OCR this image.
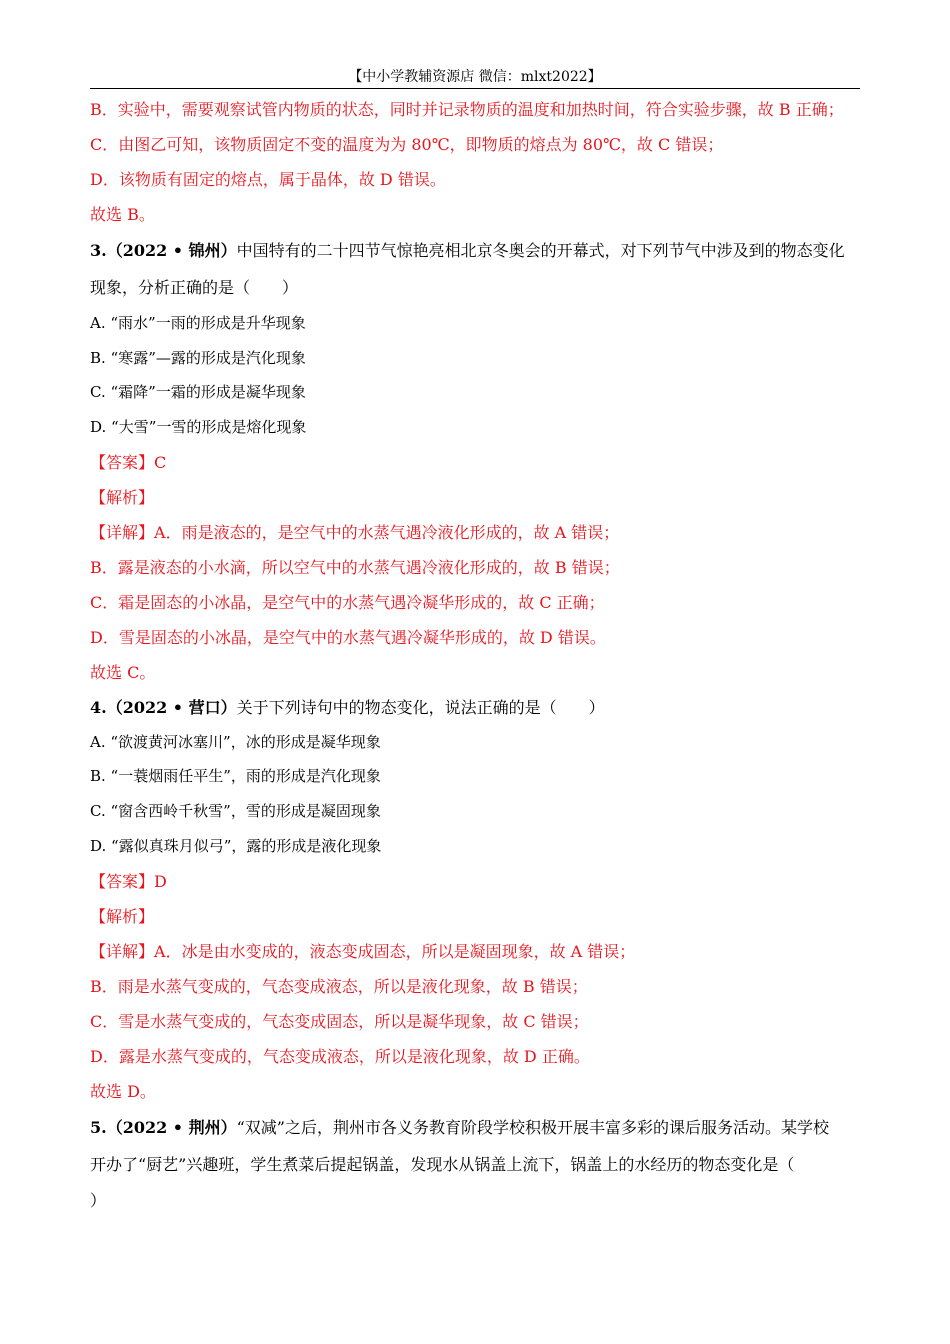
【中小学教辅资源店 微信：mlxt2022】
B．实验中，需要观察试管内物质的状态，同时并记录物质的温度和加热时间，符合实验步骤，故 B 正确；
C．由图乙可知，该物质固定不变的温度为为 80℃，即物质的熔点为 80℃，故 C 错误；
D．该物质有固定的熔点，属于晶体，故 D 错误。
故选 B。
3.（2022 • 锦州）中国特有的二十四节气惊艳亮相北京冬奥会的开幕式，对下列节气中涉及到的物态变化
现象，分析正确的是（　　）
A. “雨水”一雨的形成是升华现象
B. “寒露”—露的形成是汽化现象
C. “霜降”一霜的形成是凝华现象
D. “大雪”一雪的形成是熔化现象
【答案】C
【解析】
【详解】A．雨是液态的，是空气中的水蒸气遇冷液化形成的，故 A 错误；
B．露是液态的小水滴，所以空气中的水蒸气遇冷液化形成的，故 B 错误；
C．霜是固态的小冰晶，是空气中的水蒸气遇冷凝华形成的，故 C 正确；
D．雪是固态的小冰晶，是空气中的水蒸气遇冷凝华形成的，故 D 错误。
故选 C。
4.（2022 • 营口）关于下列诗句中的物态变化，说法正确的是（　　）
A. “欲渡黄河冰塞川”，冰的形成是凝华现象
B. “一蓑烟雨任平生”，雨的形成是汽化现象
C. “窗含西岭千秋雪”，雪的形成是凝固现象
D. “露似真珠月似弓”，露的形成是液化现象
【答案】D
【解析】
【详解】A．冰是由水变成的，液态变成固态，所以是凝固现象，故 A 错误；
B．雨是水蒸气变成的，气态变成液态，所以是液化现象，故 B 错误；
C．雪是水蒸气变成的，气态变成固态，所以是凝华现象，故 C 错误；
D．露是水蒸气变成的，气态变成液态，所以是液化现象，故 D 正确。
故选 D。
5.（2022 • 荆州）“双减”之后，荆州市各义务教育阶段学校积极开展丰富多彩的课后服务活动。某学校
开办了“厨艺”兴趣班，学生煮菜后提起锅盖，发现水从锅盖上流下，锅盖上的水经历的物态变化是（
）
